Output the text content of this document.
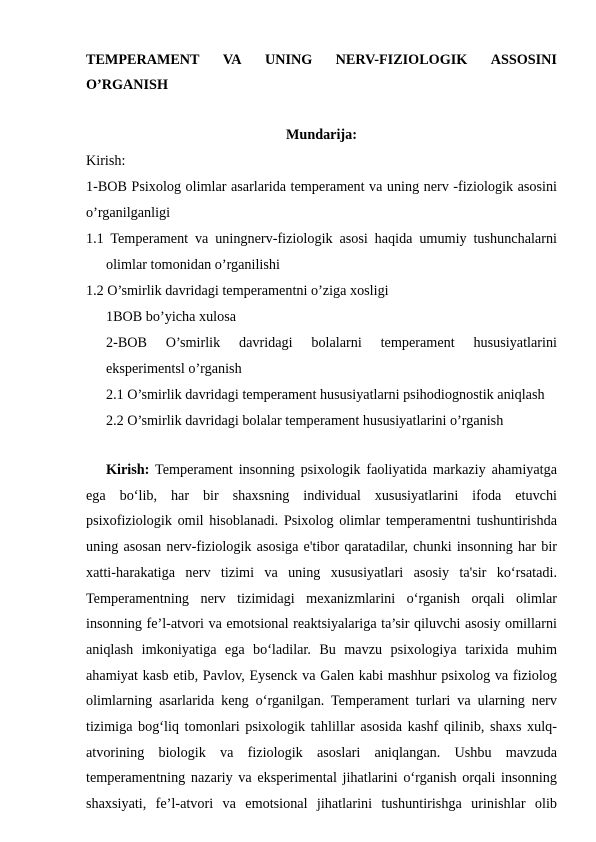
TEMPERAMENT VA UNING NERV-FIZIOLOGIK ASSOSINI
O’RGANISH
Mundarija:
Kirish:
1-BOB Psixolog olimlar asarlarida temperament va uning nerv -fiziologik asosini
o’rganilganligi
1.1 Temperament va uningnerv-fiziologik asosi haqida umumiy tushunchalarni
olimlar tomonidan o’rganilishi
1.2 O’smirlik davridagi temperamentni o’ziga xosligi
1BOB bo’yicha xulosa
2-BOB O’smirlik davridagi bolalarni temperament hususiyatlarini
eksperimentsl o’rganish
2.1 O’smirlik davridagi temperament hususiyatlarni psihodiognostik aniqlash
2.2 O’smirlik davridagi bolalar temperament hususiyatlarini o’rganish
Kirish: Temperament insonning psixologik faoliyatida markaziy ahamiyatga
ega bo‘lib, har bir shaxsning individual xususiyatlarini ifoda etuvchi
psixofiziologik omil hisoblanadi. Psixolog olimlar temperamentni tushuntirishda
uning asosan nerv-fiziologik asosiga e'tibor qaratadilar, chunki insonning har bir
xatti-harakatiga nerv tizimi va uning xususiyatlari asosiy ta'sir ko‘rsatadi.
Temperamentning nerv tizimidagi mexanizmlarini o‘rganish orqali olimlar
insonning fe’l-atvori va emotsional reaktsiyalariga ta’sir qiluvchi asosiy omillarni
aniqlash imkoniyatiga ega bo‘ladilar. Bu mavzu psixologiya tarixida muhim
ahamiyat kasb etib, Pavlov, Eysenck va Galen kabi mashhur psixolog va fiziolog
olimlarning asarlarida keng o‘rganilgan. Temperament turlari va ularning nerv
tizimiga bog‘liq tomonlari psixologik tahlillar asosida kashf qilinib, shaxs xulq-
atvorining biologik va fiziologik asoslari aniqlangan. Ushbu mavzuda
temperamentning nazariy va eksperimental jihatlarini o‘rganish orqali insonning
shaxsiyati, fe’l-atvori va emotsional jihatlarini tushuntirishga urinishlar olib
